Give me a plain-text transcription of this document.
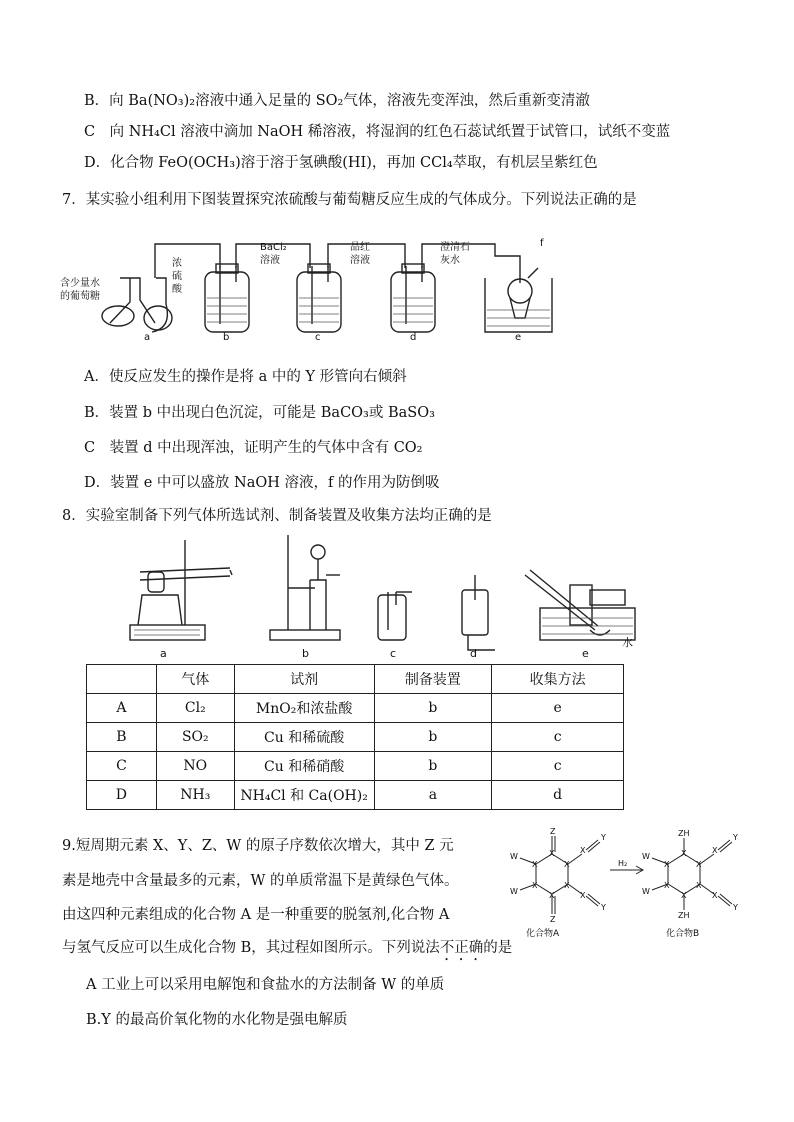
B．向 Ba(NO₃)₂溶液中通入足量的 SO₂气体，溶液先变浑浊，然后重新变清澈
C　向 NH₄Cl 溶液中滴加 NaOH 稀溶液，将湿润的红色石蕊试纸置于试管口，试纸不变蓝
D．化合物 FeO(OCH₃)溶于溶于氢碘酸(HI)，再加 CCl₄萃取，有机层呈紫红色
7．某实验小组利用下图装置探究浓硫酸与葡萄糖反应生成的气体成分。下列说法正确的是
含少量水
的葡萄糖
浓
硫
酸
BaCl₂
溶液
品红
溶液
澄清石
灰水
f
a	b	c	d	e
A．使反应发生的操作是将 a 中的 Y 形管向右倾斜
B．装置 b 中出现白色沉淀，可能是 BaCO₃或 BaSO₃
C　装置 d 中出现浑浊，证明产生的气体中含有 CO₂
D．装置 e 中可以盛放 NaOH 溶液，f 的作用为防倒吸
8．实验室制备下列气体所选试剂、制备装置及收集方法均正确的是
a	b	c	d	e
水
	气体	试剂	制备装置	收集方法
A	Cl₂	MnO₂和浓盐酸	b	e
B	SO₂	Cu 和稀硫酸	b	c
C	NO	Cu 和稀硝酸	b	c
D	NH₃	NH₄Cl 和 Ca(OH)₂	a	d
9.短周期元素 X、Y、Z、W 的原子序数依次增大，其中 Z 元
素是地壳中含量最多的元素，W 的单质常温下是黄绿色气体。
由这四种元素组成的化合物 A 是一种重要的脱氢剂,化合物 A
与氢气反应可以生成化合物 B，其过程如图所示。下列说法不正确的是
Z
Z
X
X
X
X
X
X
W
W
X
X
Y
Y
ZH
ZH
X
X
X
X
X
X
W
W
X
X
Y
Y
H₂
化合物A	化合物B
A 工业上可以采用电解饱和食盐水的方法制备 W 的单质
B.Y 的最高价氧化物的水化物是强电解质
